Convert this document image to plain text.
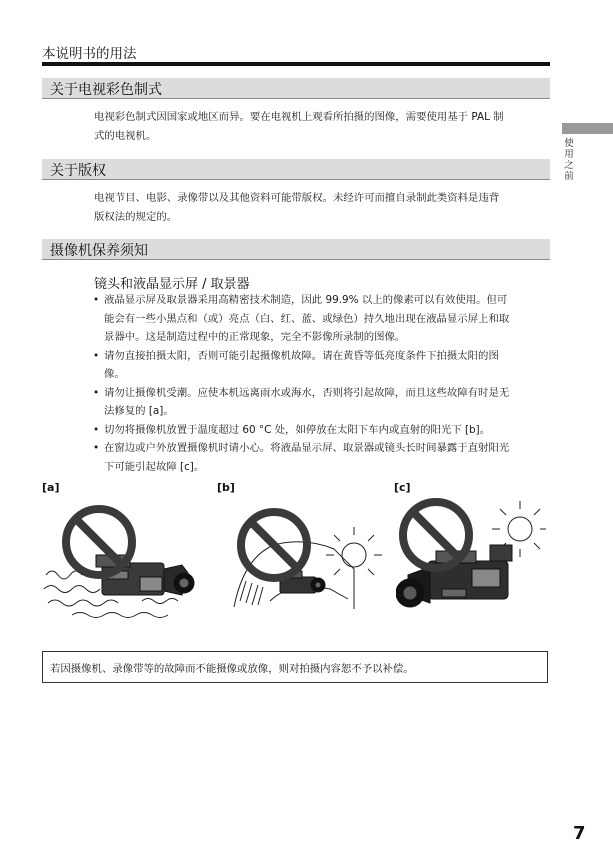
本说明书的用法
使用之前
关于电视彩色制式
电视彩色制式因国家或地区而异。要在电视机上观看所拍摄的图像，需要使用基于 PAL 制
式的电视机。
关于版权
电视节目、电影、录像带以及其他资料可能带版权。未经许可而擅自录制此类资料是违背
版权法的规定的。
摄像机保养须知
镜头和液晶显示屏 / 取景器
• 液晶显示屏及取景器采用高精密技术制造，因此 99.9% 以上的像素可以有效使用。但可
能会有一些小黑点和（或）亮点（白、红、蓝、或绿色）持久地出现在液晶显示屏上和取
景器中。这是制造过程中的正常现象，完全不影像所录制的图像。
• 请勿直接拍摄太阳，否则可能引起摄像机故障。请在黄昏等低亮度条件下拍摄太阳的图
像。
• 请勿让摄像机受潮。应使本机远离雨水或海水，否则将引起故障，而且这些故障有时是无
法修复的 [a]。
• 切勿将摄像机放置于温度超过 60 °C 处，如停放在太阳下车内或直射的阳光下 [b]。
• 在窗边或户外放置摄像机时请小心。将液晶显示屏、取景器或镜头长时间暴露于直射阳光
下可能引起故障 [c]。
[a]	[b]	[c]
若因摄像机、录像带等的故障而不能摄像或放像，则对拍摄内容恕不予以补偿。
7
